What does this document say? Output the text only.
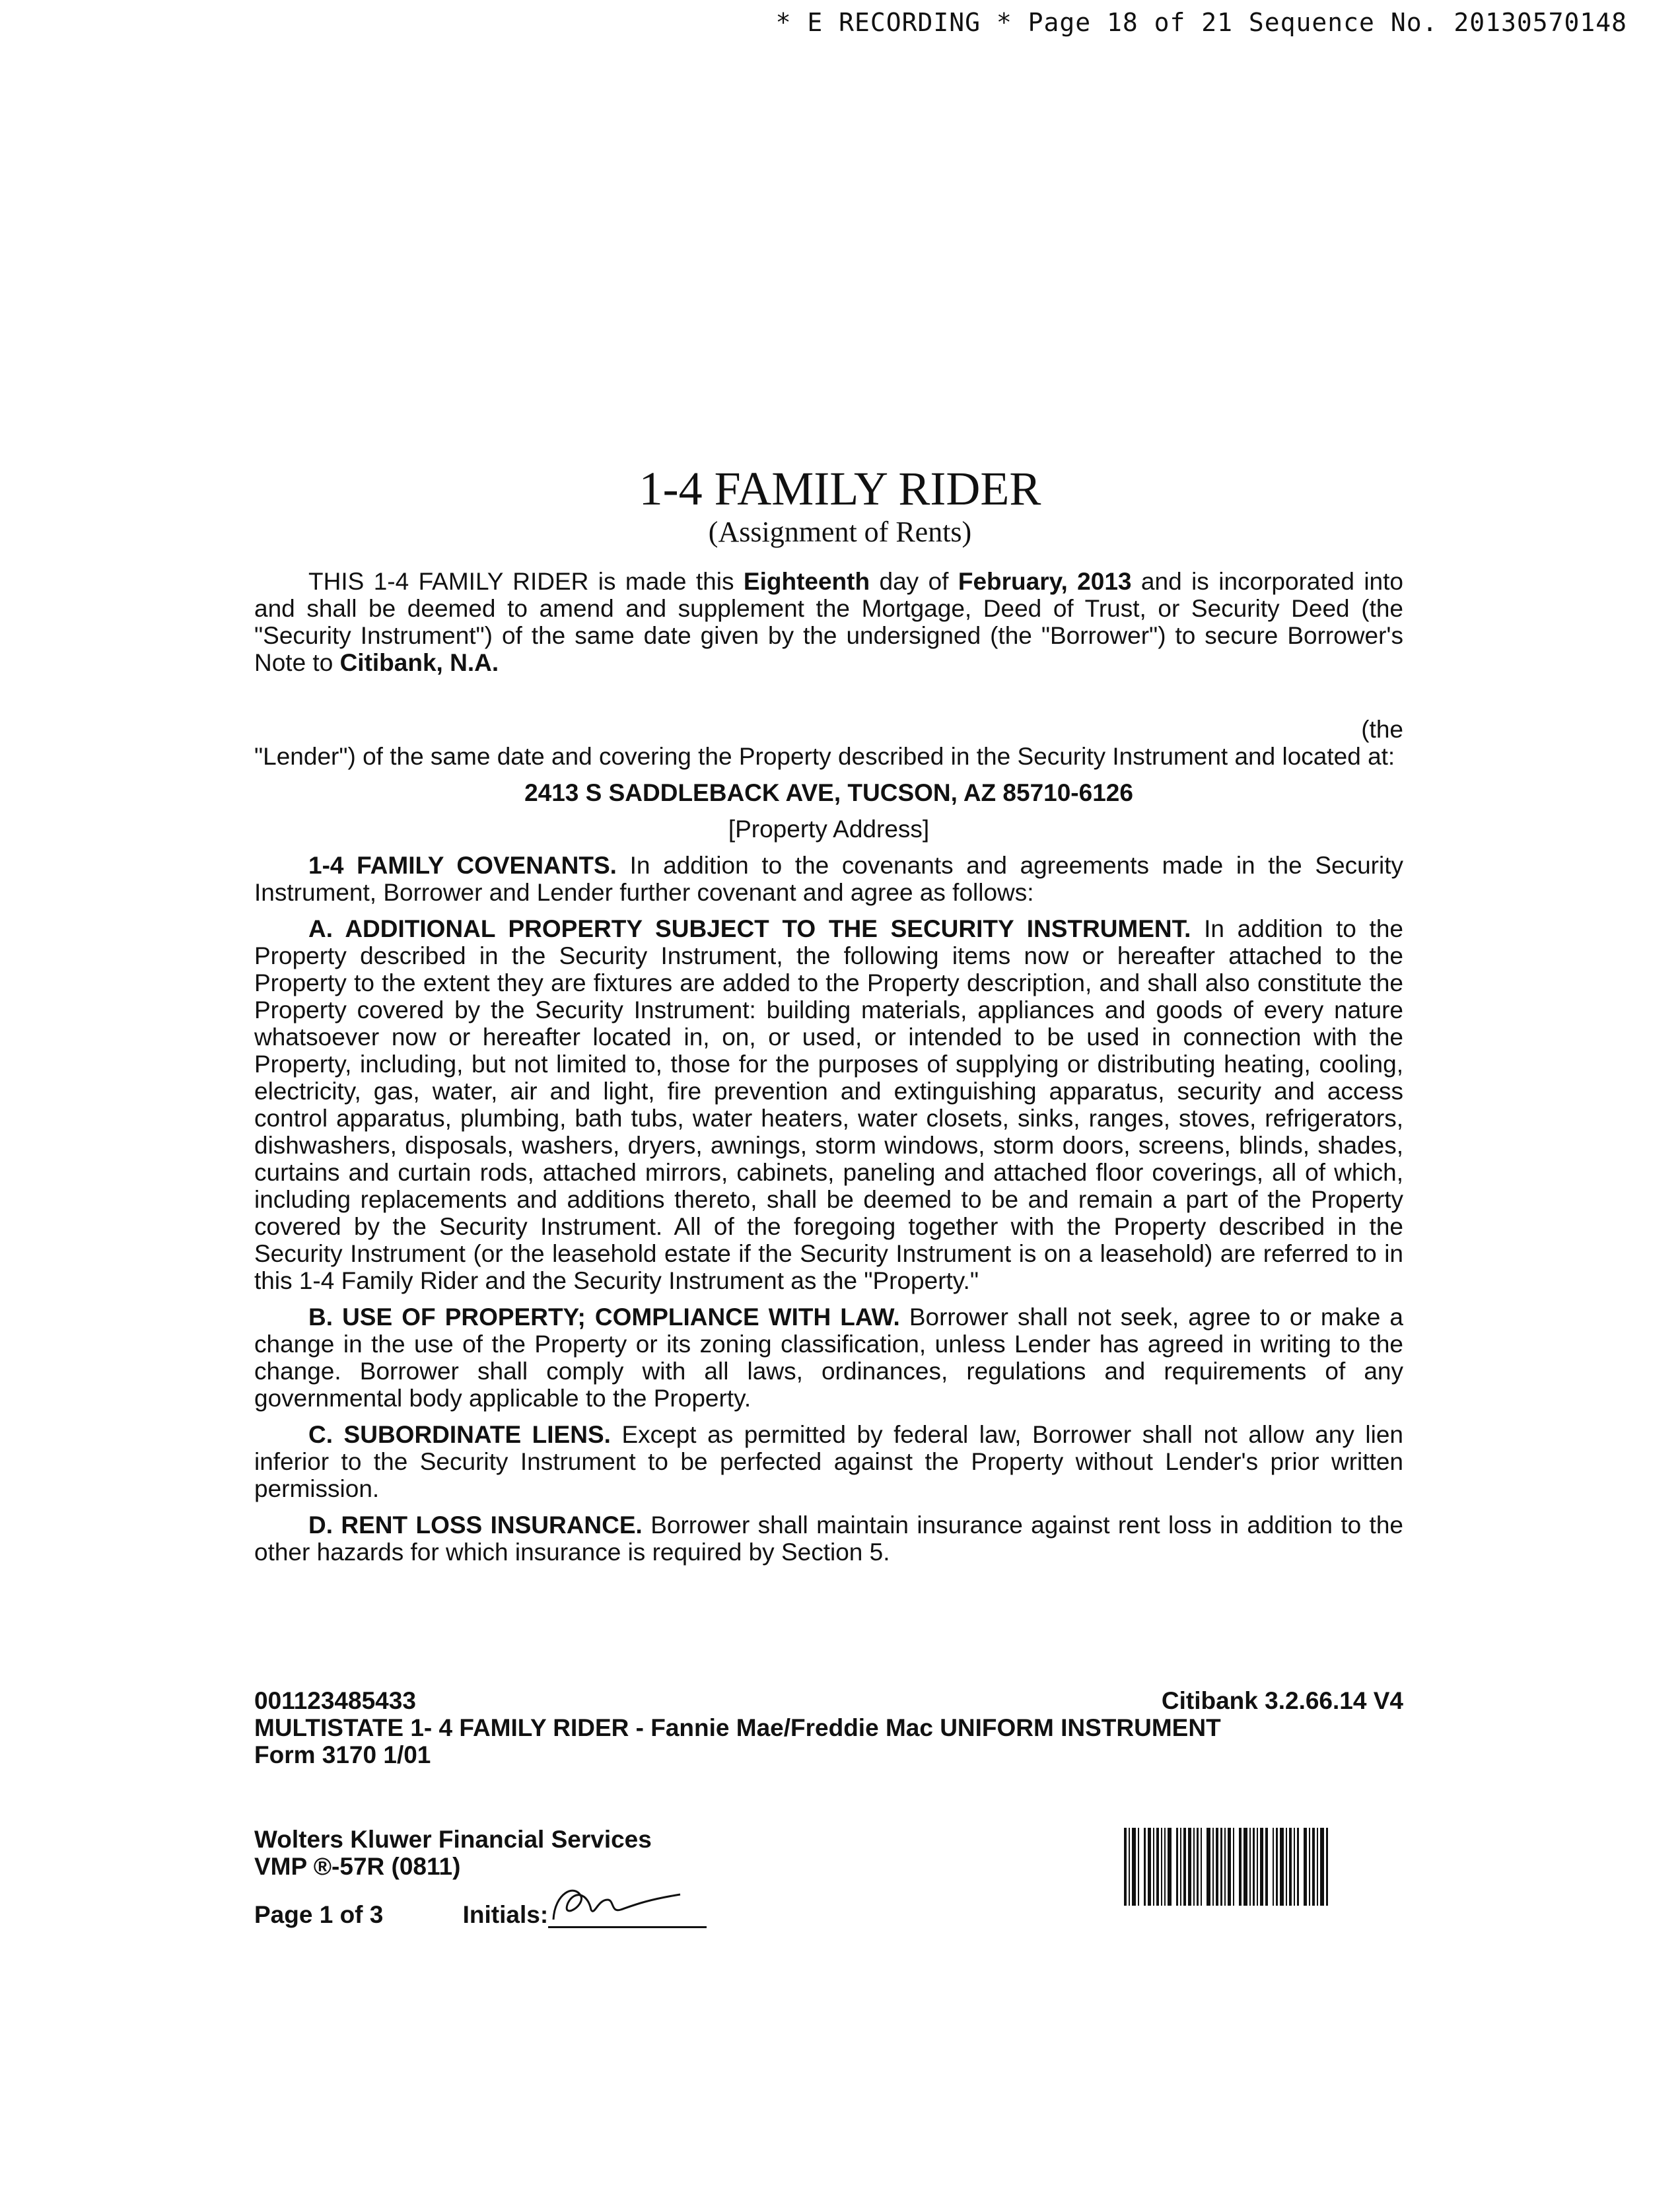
* E RECORDING * Page 18 of 21 Sequence No. 20130570148
1-4 FAMILY RIDER
(Assignment of Rents)

THIS 1-4 FAMILY RIDER is made this Eighteenth day of February, 2013 and is incorporated into and shall be deemed to amend and supplement the Mortgage, Deed of Trust, or Security Deed (the "Security Instrument") of the same date given by the undersigned (the "Borrower") to secure Borrower's Note to Citibank, N.A.

(the

"Lender") of the same date and covering the Property described in the Security Instrument and located at:

2413 S SADDLEBACK AVE, TUCSON, AZ 85710-6126

[Property Address]

1-4 FAMILY COVENANTS. In addition to the covenants and agreements made in the Security Instrument, Borrower and Lender further covenant and agree as follows:

A. ADDITIONAL PROPERTY SUBJECT TO THE SECURITY INSTRUMENT. In addition to the Property described in the Security Instrument, the following items now or hereafter attached to the Property to the extent they are fixtures are added to the Property description, and shall also constitute the Property covered by the Security Instrument: building materials, appliances and goods of every nature whatsoever now or hereafter located in, on, or used, or intended to be used in connection with the Property, including, but not limited to, those for the purposes of supplying or distributing heating, cooling, electricity, gas, water, air and light, fire prevention and extinguishing apparatus, security and access control apparatus, plumbing, bath tubs, water heaters, water closets, sinks, ranges, stoves, refrigerators, dishwashers, disposals, washers, dryers, awnings, storm windows, storm doors, screens, blinds, shades, curtains and curtain rods, attached mirrors, cabinets, paneling and attached floor coverings, all of which, including replacements and additions thereto, shall be deemed to be and remain a part of the Property covered by the Security Instrument. All of the foregoing together with the Property described in the Security Instrument (or the leasehold estate if the Security Instrument is on a leasehold) are referred to in this 1-4 Family Rider and the Security Instrument as the "Property."

B. USE OF PROPERTY; COMPLIANCE WITH LAW. Borrower shall not seek, agree to or make a change in the use of the Property or its zoning classification, unless Lender has agreed in writing to the change. Borrower shall comply with all laws, ordinances, regulations and requirements of any governmental body applicable to the Property.

C. SUBORDINATE LIENS. Except as permitted by federal law, Borrower shall not allow any lien inferior to the Security Instrument to be perfected against the Property without Lender's prior written permission.

D. RENT LOSS INSURANCE. Borrower shall maintain insurance against rent loss in addition to the other hazards for which insurance is required by Section 5.

001123485433	Citibank 3.2.66.14 V4
MULTISTATE 1- 4 FAMILY RIDER - Fannie Mae/Freddie Mac UNIFORM INSTRUMENT
Form 3170 1/01
Wolters Kluwer Financial Services
VMP ®-57R (0811)
Page 1 of 3	Initials:
